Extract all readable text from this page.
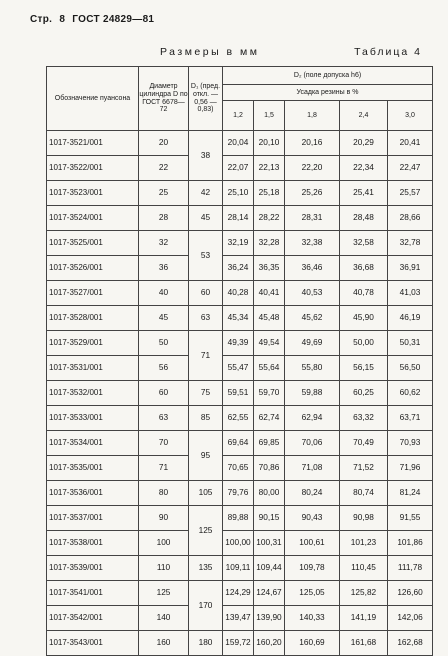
Стр. 8 ГОСТ 24829—81
Размеры в мм	Таблица 4
Обозначение пуансона	Диаметр цилиндра D по ГОСТ 6678—72	D₁ (пред. откл. —0,56 —0,83)	D₂ (поле допуска h6)				
			Усадка резины в %				
			1,2	1,5	1,8	2,4	3,0
1017-3521/001	20	38	20,04	20,10	20,16	20,29	20,41
1017-3522/001	22		22,07	22,13	22,20	22,34	22,47
1017-3523/001	25	42	25,10	25,18	25,26	25,41	25,57
1017-3524/001	28	45	28,14	28,22	28,31	28,48	28,66
1017-3525/001	32	53	32,19	32,28	32,38	32,58	32,78
1017-3526/001	36		36,24	36,35	36,46	36,68	36,91
1017-3527/001	40	60	40,28	40,41	40,53	40,78	41,03
1017-3528/001	45	63	45,34	45,48	45,62	45,90	46,19
1017-3529/001	50	71	49,39	49,54	49,69	50,00	50,31
1017-3531/001	56		55,47	55,64	55,80	56,15	56,50
1017-3532/001	60	75	59,51	59,70	59,88	60,25	60,62
1017-3533/001	63	85	62,55	62,74	62,94	63,32	63,71
1017-3534/001	70	95	69,64	69,85	70,06	70,49	70,93
1017-3535/001	71		70,65	70,86	71,08	71,52	71,96
1017-3536/001	80	105	79,76	80,00	80,24	80,74	81,24
1017-3537/001	90	125	89,88	90,15	90,43	90,98	91,55
1017-3538/001	100		100,00	100,31	100,61	101,23	101,86
1017-3539/001	110	135	109,11	109,44	109,78	110,45	111,78
1017-3541/001	125	170	124,29	124,67	125,05	125,82	126,60
1017-3542/001	140		139,47	139,90	140,33	141,19	142,06
1017-3543/001	160	180	159,72	160,20	160,69	161,68	162,68
